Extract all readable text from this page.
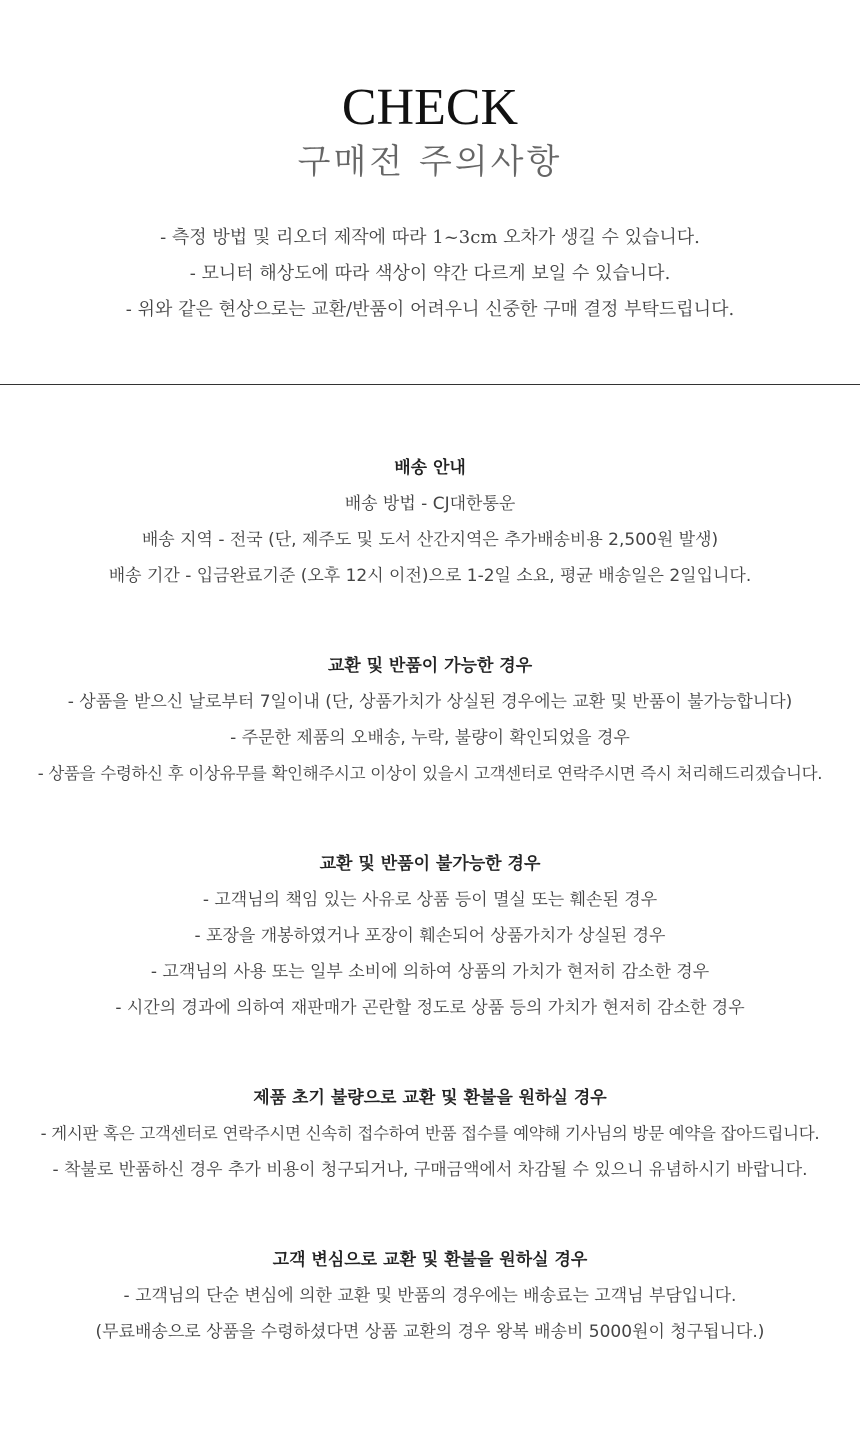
CHECK
구매전 주의사항
- 측정 방법 및 리오더 제작에 따라 1~3cm 오차가 생길 수 있습니다.
- 모니터 해상도에 따라 색상이 약간 다르게 보일 수 있습니다.
- 위와 같은 현상으로는 교환/반품이 어려우니 신중한 구매 결정 부탁드립니다.
배송 안내
배송 방법 - CJ대한통운
배송 지역 - 전국 (단, 제주도 및 도서 산간지역은 추가배송비용 2,500원 발생)
배송 기간 - 입금완료기준 (오후 12시 이전)으로 1-2일 소요, 평균 배송일은 2일입니다.
교환 및 반품이 가능한 경우
- 상품을 받으신 날로부터 7일이내 (단, 상품가치가 상실된 경우에는 교환 및 반품이 불가능합니다)
- 주문한 제품의 오배송, 누락, 불량이 확인되었을 경우
- 상품을 수령하신 후 이상유무를 확인해주시고 이상이 있을시 고객센터로 연락주시면 즉시 처리해드리겠습니다.
교환 및 반품이 불가능한 경우
- 고객님의 책임 있는 사유로 상품 등이 멸실 또는 훼손된 경우
- 포장을 개봉하였거나 포장이 훼손되어 상품가치가 상실된 경우
- 고객님의 사용 또는 일부 소비에 의하여 상품의 가치가 현저히 감소한 경우
- 시간의 경과에 의하여 재판매가 곤란할 정도로 상품 등의 가치가 현저히 감소한 경우
제품 초기 불량으로 교환 및 환불을 원하실 경우
- 게시판 혹은 고객센터로 연락주시면 신속히 접수하여 반품 접수를 예약해 기사님의 방문 예약을 잡아드립니다.
- 착불로 반품하신 경우 추가 비용이 청구되거나, 구매금액에서 차감될 수 있으니 유념하시기 바랍니다.
고객 변심으로 교환 및 환불을 원하실 경우
- 고객님의 단순 변심에 의한 교환 및 반품의 경우에는 배송료는 고객님 부담입니다.
(무료배송으로 상품을 수령하셨다면 상품 교환의 경우 왕복 배송비 5000원이 청구됩니다.)
